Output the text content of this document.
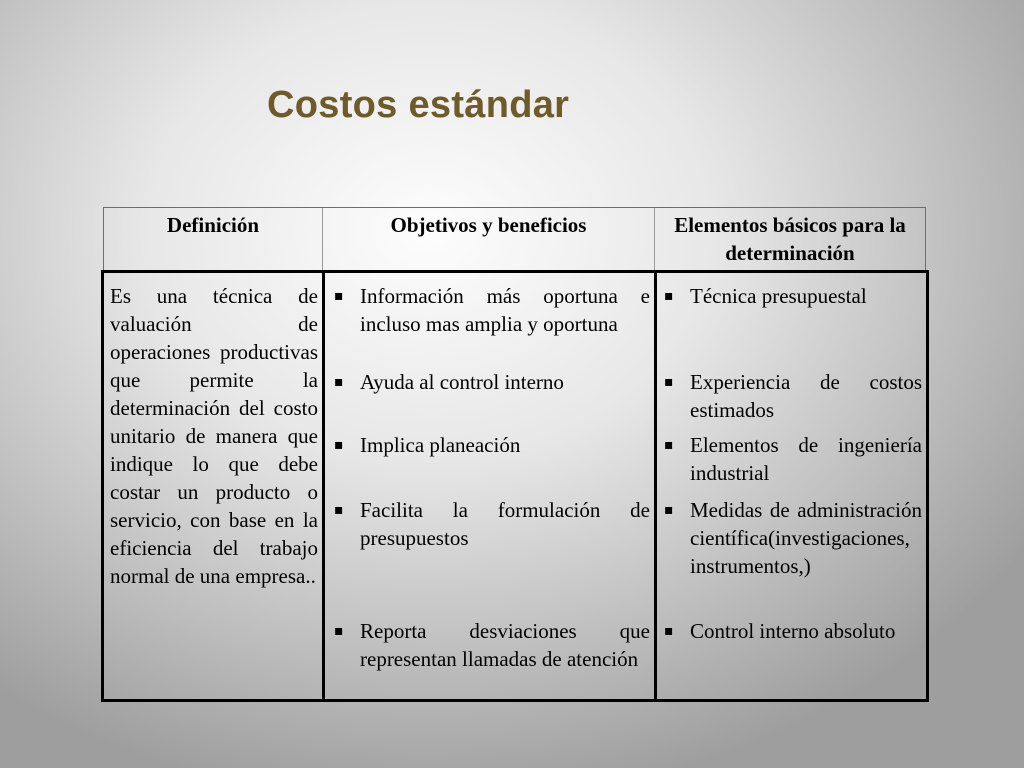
Costos estándar
Definición	Objetivos y beneficios	Elementos básicos para la determinación
Es una técnica de valuación de operaciones productivas que permite la determinación del costo unitario de manera que indique lo que debe costar un producto o servicio, con base en la eficiencia del trabajo normal de una empresa..
▪ Información más oportuna e incluso mas amplia y oportuna
▪ Ayuda al control interno
▪ Implica planeación
▪ Facilita la formulación de presupuestos
▪ Reporta desviaciones que representan llamadas de atención
▪ Técnica presupuestal
▪ Experiencia de costos estimados
▪ Elementos de ingeniería industrial
▪ Medidas de administración científica(investigaciones, instrumentos,)
▪ Control interno absoluto
